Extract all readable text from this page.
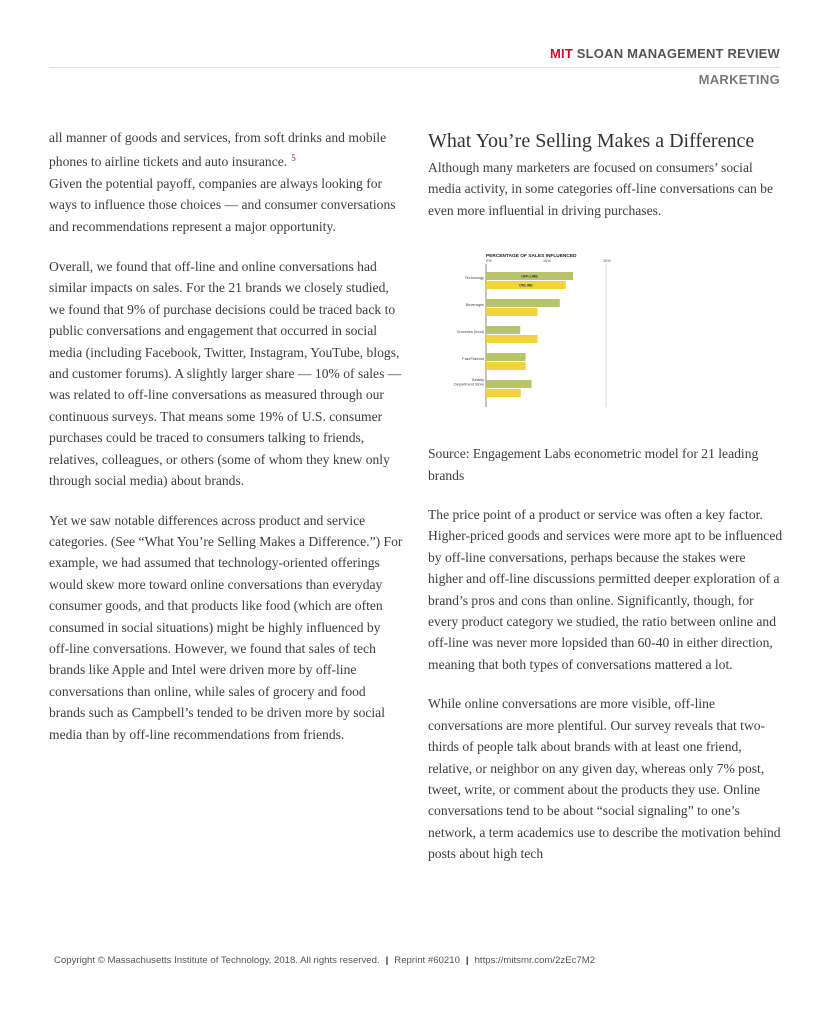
MIT SLOAN MANAGEMENT REVIEW
MARKETING

all manner of goods and services, from soft drinks and mobile phones to airline tickets and auto insurance. $^5$
Given the potential payoff, companies are always looking for ways to influence those choices — and consumer conversations and recommendations represent a major opportunity.

Overall, we found that off-line and online conversations had similar impacts on sales. For the 21 brands we closely studied, we found that 9% of purchase decisions could be traced back to public conversations and engagement that occurred in social media (including Facebook, Twitter, Instagram, YouTube, blogs, and customer forums). A slightly larger share — 10% of sales — was related to off-line conversations as measured through our continuous surveys. That means some 19% of U.S. consumer purchases could be traced to consumers talking to friends, relatives, colleagues, or others (some of whom they knew only through social media) about brands.

Yet we saw notable differences across product and service categories. (See “What You’re Selling Makes a Difference.”) For example, we had assumed that technology-oriented offerings would skew more toward online conversations than everyday consumer goods, and that products like food (which are often consumed in social situations) might be highly influenced by off-line conversations. However, we found that sales of tech brands like Apple and Intel were driven more by off-line conversations than online, while sales of grocery and food brands such as Campbell’s tended to be driven more by social media than by off-line recommendations from friends.

What You’re Selling Makes a Difference

Although many marketers are focused on consumers’ social media activity, in some categories off-line conversations can be even more influential in driving purchases.

PERCENTAGE OF SALES INFLUENCED
0%	10%	20%
OFF-LINE
ONLINE
Technology
Beverages
Groceries (food)
Fast/Takeout
Beauty Department Store

Source: Engagement Labs econometric model for 21 leading brands

The price point of a product or service was often a key factor. Higher-priced goods and services were more apt to be influenced by off-line conversations, perhaps because the stakes were higher and off-line discussions permitted deeper exploration of a brand’s pros and cons than online. Significantly, though, for every product category we studied, the ratio between online and off-line was never more lopsided than 60-40 in either direction, meaning that both types of conversations mattered a lot.

While online conversations are more visible, off-line conversations are more plentiful. Our survey reveals that two-thirds of people talk about brands with at least one friend, relative, or neighbor on any given day, whereas only 7% post, tweet, write, or comment about the products they use. Online conversations tend to be about “social signaling” to one’s network, a term academics use to describe the motivation behind posts about high tech

Copyright © Massachusetts Institute of Technology, 2018. All rights reserved. | Reprint #60210 | https://mitsmr.com/2zEc7M2
